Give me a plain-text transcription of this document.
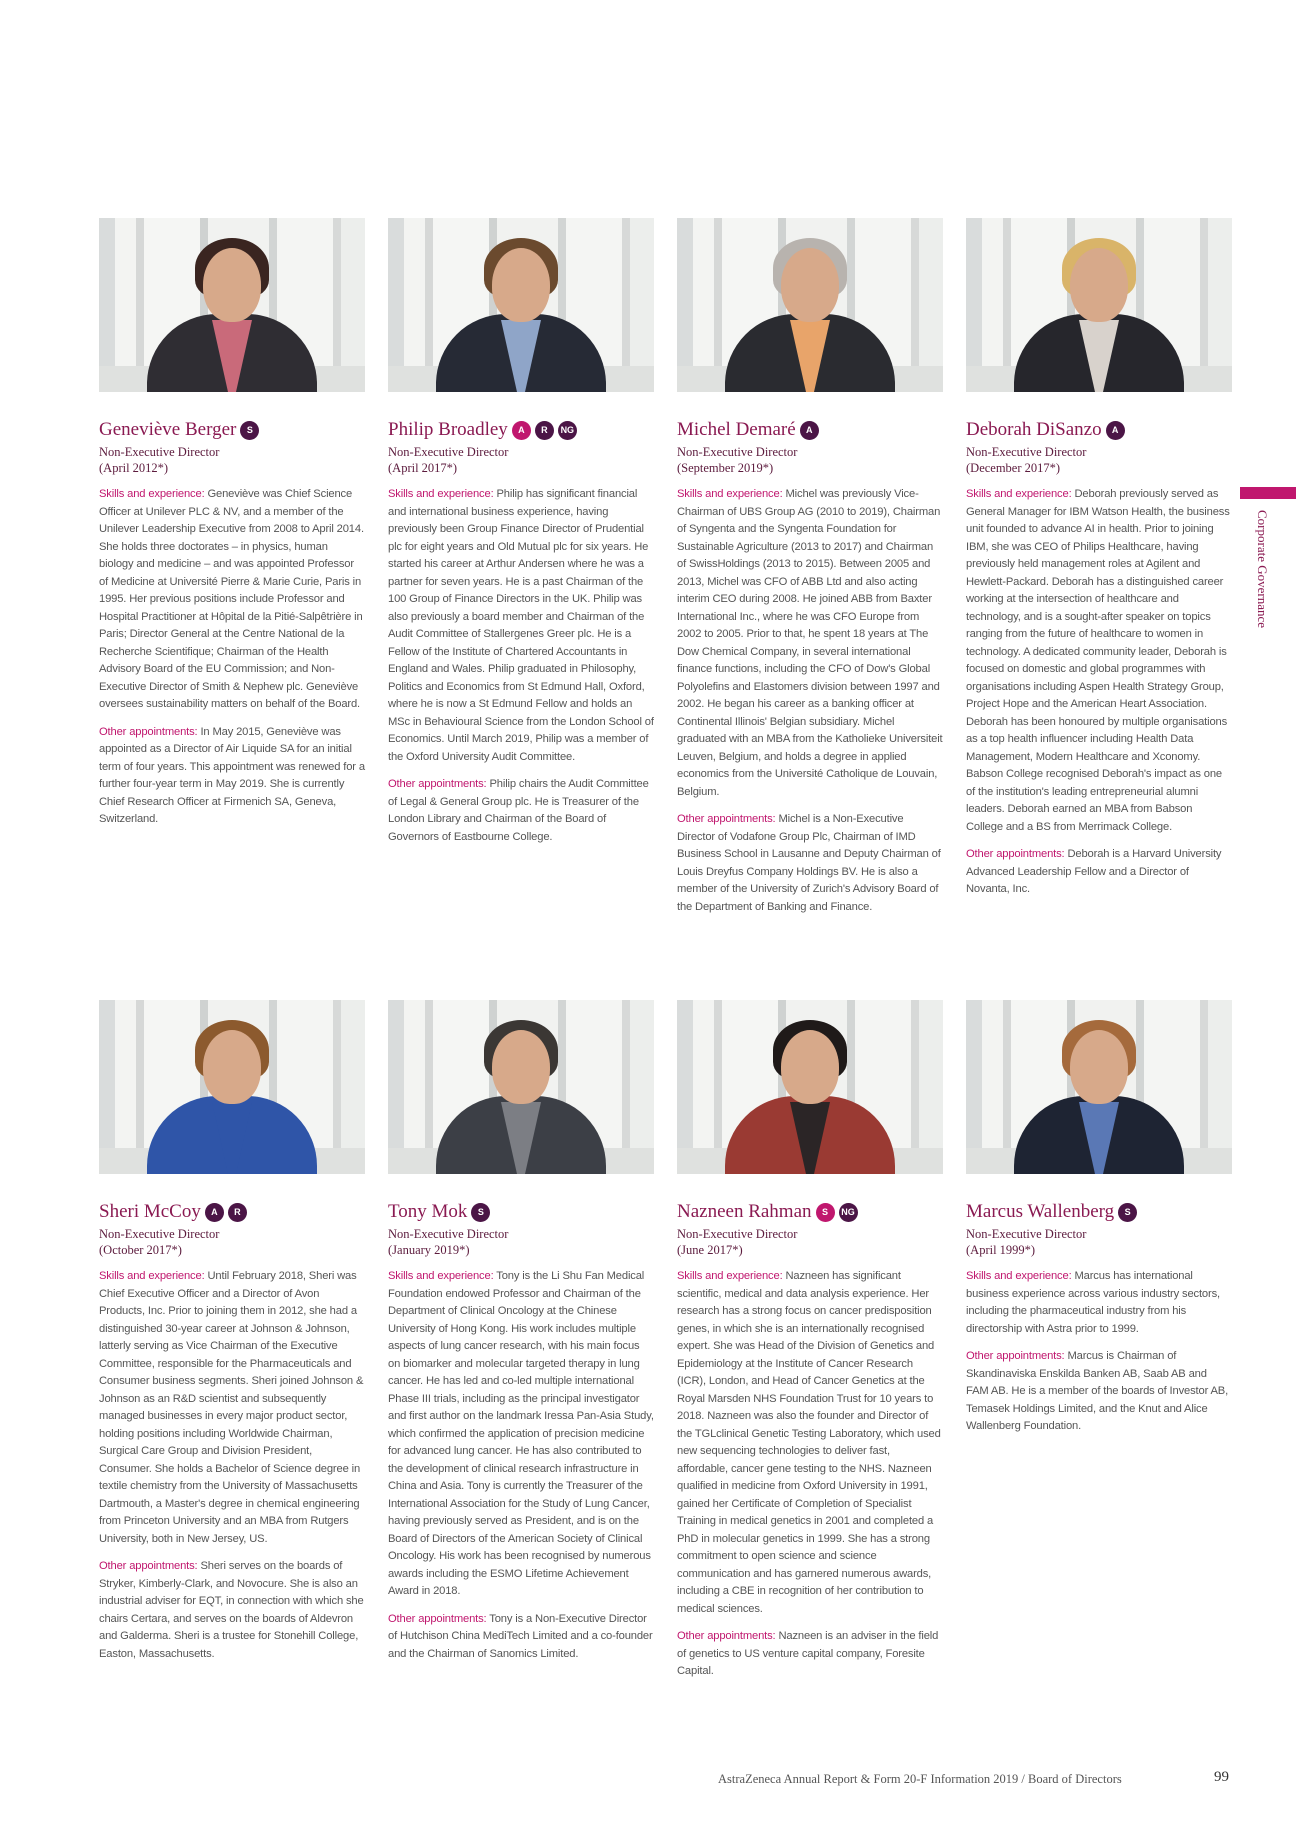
Geneviève Berger	S
Non-Executive Director
(April 2012*)
Skills and experience: Geneviève was Chief Science Officer at Unilever PLC & NV, and a member of the Unilever Leadership Executive from 2008 to April 2014. She holds three doctorates – in physics, human biology and medicine – and was appointed Professor of Medicine at Université Pierre & Marie Curie, Paris in 1995. Her previous positions include Professor and Hospital Practitioner at Hôpital de la Pitié-Salpêtrière in Paris; Director General at the Centre National de la Recherche Scientifique; Chairman of the Health Advisory Board of the EU Commission; and Non-Executive Director of Smith & Nephew plc. Geneviève oversees sustainability matters on behalf of the Board.
Other appointments: In May 2015, Geneviève was appointed as a Director of Air Liquide SA for an initial term of four years. This appointment was renewed for a further four-year term in May 2019. She is currently Chief Research Officer at Firmenich SA, Geneva, Switzerland.
Philip Broadley	A	R	NG
Non-Executive Director
(April 2017*)
Skills and experience: Philip has significant financial and international business experience, having previously been Group Finance Director of Prudential plc for eight years and Old Mutual plc for six years. He started his career at Arthur Andersen where he was a partner for seven years. He is a past Chairman of the 100 Group of Finance Directors in the UK. Philip was also previously a board member and Chairman of the Audit Committee of Stallergenes Greer plc. He is a Fellow of the Institute of Chartered Accountants in England and Wales. Philip graduated in Philosophy, Politics and Economics from St Edmund Hall, Oxford, where he is now a St Edmund Fellow and holds an MSc in Behavioural Science from the London School of Economics. Until March 2019, Philip was a member of the Oxford University Audit Committee.
Other appointments: Philip chairs the Audit Committee of Legal & General Group plc. He is Treasurer of the London Library and Chairman of the Board of Governors of Eastbourne College.
Michel Demaré	A
Non-Executive Director
(September 2019*)
Skills and experience: Michel was previously Vice-Chairman of UBS Group AG (2010 to 2019), Chairman of Syngenta and the Syngenta Foundation for Sustainable Agriculture (2013 to 2017) and Chairman of SwissHoldings (2013 to 2015). Between 2005 and 2013, Michel was CFO of ABB Ltd and also acting interim CEO during 2008. He joined ABB from Baxter International Inc., where he was CFO Europe from 2002 to 2005. Prior to that, he spent 18 years at The Dow Chemical Company, in several international finance functions, including the CFO of Dow's Global Polyolefins and Elastomers division between 1997 and 2002. He began his career as a banking officer at Continental Illinois' Belgian subsidiary. Michel graduated with an MBA from the Katholieke Universiteit Leuven, Belgium, and holds a degree in applied economics from the Université Catholique de Louvain, Belgium.
Other appointments: Michel is a Non-Executive Director of Vodafone Group Plc, Chairman of IMD Business School in Lausanne and Deputy Chairman of Louis Dreyfus Company Holdings BV. He is also a member of the University of Zurich's Advisory Board of the Department of Banking and Finance.
Deborah DiSanzo	A
Non-Executive Director
(December 2017*)
Skills and experience: Deborah previously served as General Manager for IBM Watson Health, the business unit founded to advance AI in health. Prior to joining IBM, she was CEO of Philips Healthcare, having previously held management roles at Agilent and Hewlett-Packard. Deborah has a distinguished career working at the intersection of healthcare and technology, and is a sought-after speaker on topics ranging from the future of healthcare to women in technology. A dedicated community leader, Deborah is focused on domestic and global programmes with organisations including Aspen Health Strategy Group, Project Hope and the American Heart Association. Deborah has been honoured by multiple organisations as a top health influencer including Health Data Management, Modern Healthcare and Xconomy. Babson College recognised Deborah's impact as one of the institution's leading entrepreneurial alumni leaders. Deborah earned an MBA from Babson College and a BS from Merrimack College.
Other appointments: Deborah is a Harvard University Advanced Leadership Fellow and a Director of Novanta, Inc.
Sheri McCoy	A	R
Non-Executive Director
(October 2017*)
Skills and experience: Until February 2018, Sheri was Chief Executive Officer and a Director of Avon Products, Inc. Prior to joining them in 2012, she had a distinguished 30-year career at Johnson & Johnson, latterly serving as Vice Chairman of the Executive Committee, responsible for the Pharmaceuticals and Consumer business segments. Sheri joined Johnson & Johnson as an R&D scientist and subsequently managed businesses in every major product sector, holding positions including Worldwide Chairman, Surgical Care Group and Division President, Consumer. She holds a Bachelor of Science degree in textile chemistry from the University of Massachusetts Dartmouth, a Master's degree in chemical engineering from Princeton University and an MBA from Rutgers University, both in New Jersey, US.
Other appointments: Sheri serves on the boards of Stryker, Kimberly-Clark, and Novocure. She is also an industrial adviser for EQT, in connection with which she chairs Certara, and serves on the boards of Aldevron and Galderma. Sheri is a trustee for Stonehill College, Easton, Massachusetts.
Tony Mok	S
Non-Executive Director
(January 2019*)
Skills and experience: Tony is the Li Shu Fan Medical Foundation endowed Professor and Chairman of the Department of Clinical Oncology at the Chinese University of Hong Kong. His work includes multiple aspects of lung cancer research, with his main focus on biomarker and molecular targeted therapy in lung cancer. He has led and co-led multiple international Phase III trials, including as the principal investigator and first author on the landmark Iressa Pan-Asia Study, which confirmed the application of precision medicine for advanced lung cancer. He has also contributed to the development of clinical research infrastructure in China and Asia. Tony is currently the Treasurer of the International Association for the Study of Lung Cancer, having previously served as President, and is on the Board of Directors of the American Society of Clinical Oncology. His work has been recognised by numerous awards including the ESMO Lifetime Achievement Award in 2018.
Other appointments: Tony is a Non-Executive Director of Hutchison China MediTech Limited and a co-founder and the Chairman of Sanomics Limited.
Nazneen Rahman	S	NG
Non-Executive Director
(June 2017*)
Skills and experience: Nazneen has significant scientific, medical and data analysis experience. Her research has a strong focus on cancer predisposition genes, in which she is an internationally recognised expert. She was Head of the Division of Genetics and Epidemiology at the Institute of Cancer Research (ICR), London, and Head of Cancer Genetics at the Royal Marsden NHS Foundation Trust for 10 years to 2018. Nazneen was also the founder and Director of the TGLclinical Genetic Testing Laboratory, which used new sequencing technologies to deliver fast, affordable, cancer gene testing to the NHS. Nazneen qualified in medicine from Oxford University in 1991, gained her Certificate of Completion of Specialist Training in medical genetics in 2001 and completed a PhD in molecular genetics in 1999. She has a strong commitment to open science and science communication and has garnered numerous awards, including a CBE in recognition of her contribution to medical sciences.
Other appointments: Nazneen is an adviser in the field of genetics to US venture capital company, Foresite Capital.
Marcus Wallenberg	S
Non-Executive Director
(April 1999*)
Skills and experience: Marcus has international business experience across various industry sectors, including the pharmaceutical industry from his directorship with Astra prior to 1999.
Other appointments: Marcus is Chairman of Skandinaviska Enskilda Banken AB, Saab AB and FAM AB. He is a member of the boards of Investor AB, Temasek Holdings Limited, and the Knut and Alice Wallenberg Foundation.
Corporate Governance
AstraZeneca Annual Report & Form 20-F Information 2019 / Board of Directors	99
